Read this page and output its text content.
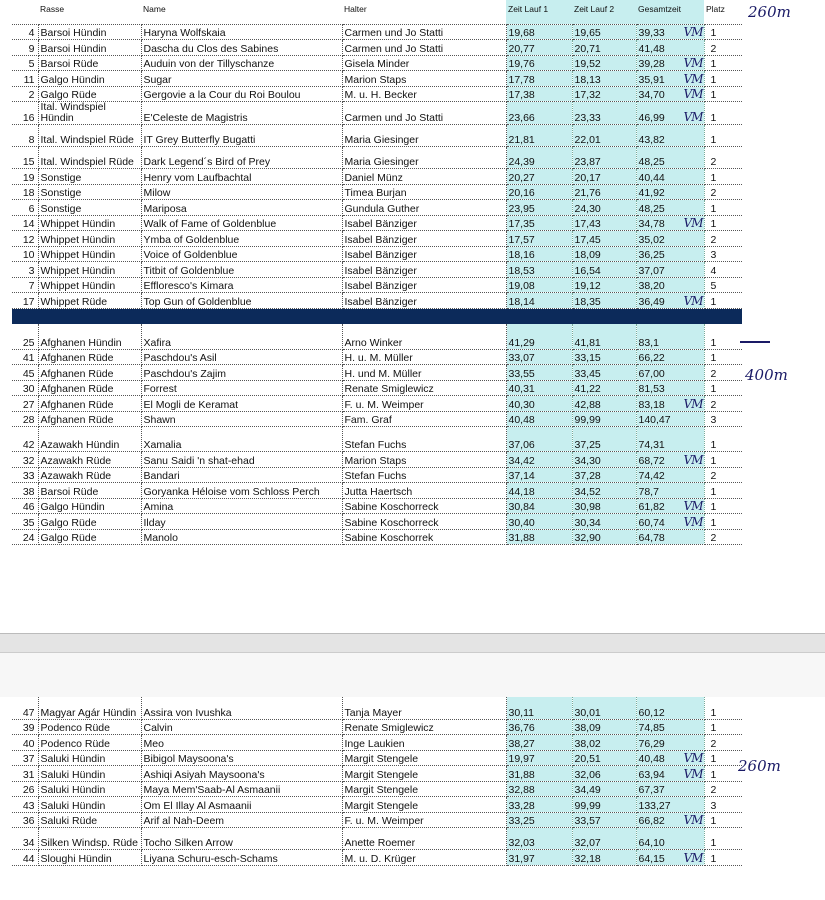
	Rasse	Name	Halter	Zeit Lauf 1	Zeit Lauf 2	Gesamtzeit	Platz
4	Barsoi Hündin	Haryna Wolfskaia	Carmen und Jo Statti	19,68	19,65	39,33 VM	1
9	Barsoi Hündin	Dascha du Clos des Sabines	Carmen und Jo Statti	20,77	20,71	41,48	2
5	Barsoi Rüde	Auduin von der Tillyschanze	Gisela Minder	19,76	19,52	39,28 VM	1
11	Galgo Hündin	Sugar	Marion Staps	17,78	18,13	35,91 VM	1
2	Galgo Rüde	Gergovie a la Cour du Roi Boulou	M. u. H. Becker	17,38	17,32	34,70 VM	1
16	Ital. Windspiel Hündin	E'Celeste de Magistris	Carmen und Jo Statti	23,66	23,33	46,99 VM	1
8	Ital. Windspiel Rüde	IT Grey Butterfly Bugatti	Maria Giesinger	21,81	22,01	43,82	1
15	Ital. Windspiel Rüde	Dark Legend´s Bird of Prey	Maria Giesinger	24,39	23,87	48,25	2
19	Sonstige	Henry vom Laufbachtal	Daniel Münz	20,27	20,17	40,44	1
18	Sonstige	Milow	Timea Burjan	20,16	21,76	41,92	2
6	Sonstige	Mariposa	Gundula Guther	23,95	24,30	48,25	1
14	Whippet Hündin	Walk of Fame of Goldenblue	Isabel Bänziger	17,35	17,43	34,78 VM	1
12	Whippet Hündin	Ymba of Goldenblue	Isabel Bänziger	17,57	17,45	35,02	2
10	Whippet Hündin	Voice of Goldenblue	Isabel Bänziger	18,16	18,09	36,25	3
3	Whippet Hündin	Titbit of Goldenblue	Isabel Bänziger	18,53	16,54	37,07	4
7	Whippet Hündin	Efflorescо's Kimara	Isabel Bänziger	19,08	19,12	38,20	5
17	Whippet Rüde	Top Gun of Goldenblue	Isabel Bänziger	18,14	18,35	36,49 VM	1

25	Afghanen Hündin	Xafira	Arno Winker	41,29	41,81	83,1	1
41	Afghanen Rüde	Paschdou's Asil	H. u. M. Müller	33,07	33,15	66,22	1
45	Afghanen Rüde	Paschdou's Zajim	H. und M. Müller	33,55	33,45	67,00	2
30	Afghanen Rüde	Forrest	Renate Smiglewicz	40,31	41,22	81,53	1
27	Afghanen Rüde	El Mogli de Keramat	F. u. M. Weimper	40,30	42,88	83,18 VM	2
28	Afghanen Rüde	Shawn	Fam. Graf	40,48	99,99	140,47	3
42	Azawakh Hündin	Xamalia	Stefan Fuchs	37,06	37,25	74,31	1
32	Azawakh Rüde	Sanu Saidi 'n shat-ehad	Marion Staps	34,42	34,30	68,72 VM	1
33	Azawakh Rüde	Bandari	Stefan Fuchs	37,14	37,28	74,42	2
38	Barsoi Rüde	Goryanka Héloise vom Schloss Perch	Jutta Haertsch	44,18	34,52	78,7	1
46	Galgo Hündin	Amina	Sabine Koschorreck	30,84	30,98	61,82 VM	1
35	Galgo Rüde	Ilday	Sabine Koschorreck	30,40	30,34	60,74 VM	1
24	Galgo Rüde	Manolo	Sabine Koschorrek	31,88	32,90	64,78	2
47	Magyar Agár Hündin	Assira von Ivushka	Tanja Mayer	30,11	30,01	60,12	1
39	Podenco Rüde	Calvin	Renate Smiglewicz	36,76	38,09	74,85	1
40	Podenco Rüde	Meo	Inge Laukien	38,27	38,02	76,29	2
37	Saluki Hündin	Bibigol Maysoona's	Margit Stengele	19,97	20,51	40,48 VM	1
31	Saluki Hündin	Ashiqi Asiyah Maysoona's	Margit Stengele	31,88	32,06	63,94 VM	1
26	Saluki Hündin	Maya Mem'Saab-Al Asmaanii	Margit Stengele	32,88	34,49	67,37	2
43	Saluki Hündin	Om El Illay Al Asmaanii	Margit Stengele	33,28	99,99	133,27	3
36	Saluki Rüde	Arif al Nah-Deem	F. u. M. Weimper	33,25	33,57	66,82 VM	1
34	Silken Windsp. Rüde	Tocho Silken Arrow	Anette Roemer	32,03	32,07	64,10	1
44	Sloughi Hündin	Liyana Schuru-esch-Schams	M. u. D. Krüger	31,97	32,18	64,15 VM	1
260m
400m
260m
